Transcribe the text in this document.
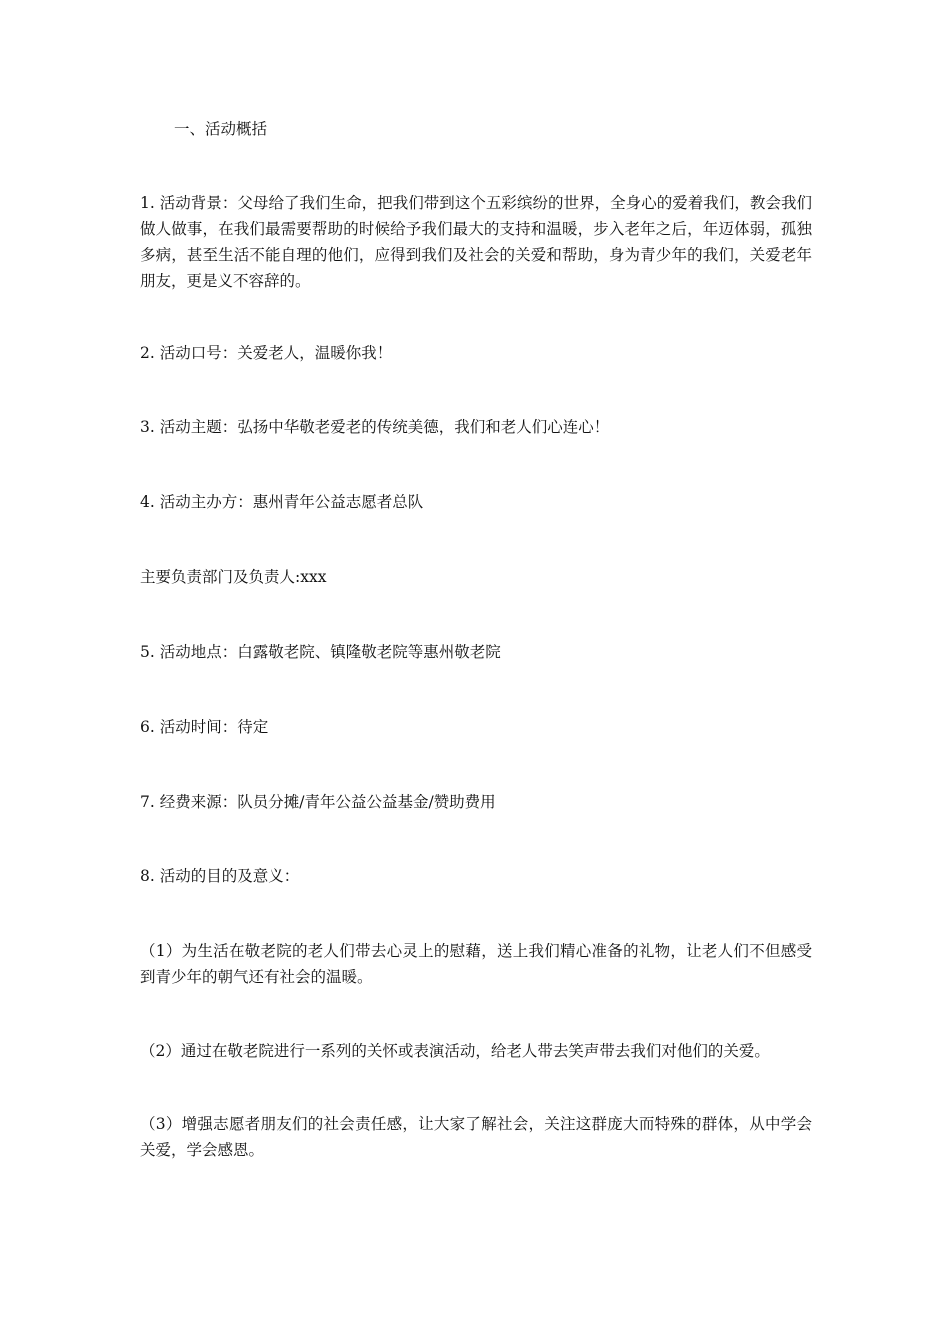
一、活动概括

1. 活动背景：父母给了我们生命，把我们带到这个五彩缤纷的世界，全身心的爱着我们，教会我们做人做事，在我们最需要帮助的时候给予我们最大的支持和温暖，步入老年之后，年迈体弱，孤独多病，甚至生活不能自理的他们，应得到我们及社会的关爱和帮助，身为青少年的我们，关爱老年朋友，更是义不容辞的。

2. 活动口号：关爱老人，温暖你我！

3. 活动主题：弘扬中华敬老爱老的传统美德，我们和老人们心连心！

4. 活动主办方：惠州青年公益志愿者总队

主要负责部门及负责人:xxx

5. 活动地点：白露敬老院、镇隆敬老院等惠州敬老院

6. 活动时间：待定

7. 经费来源：队员分摊/青年公益公益基金/赞助费用

8. 活动的目的及意义：

（1）为生活在敬老院的老人们带去心灵上的慰藉，送上我们精心准备的礼物，让老人们不但感受到青少年的朝气还有社会的温暖。

（2）通过在敬老院进行一系列的关怀或表演活动，给老人带去笑声带去我们对他们的关爱。

（3）增强志愿者朋友们的社会责任感，让大家了解社会，关注这群庞大而特殊的群体，从中学会关爱，学会感恩。
